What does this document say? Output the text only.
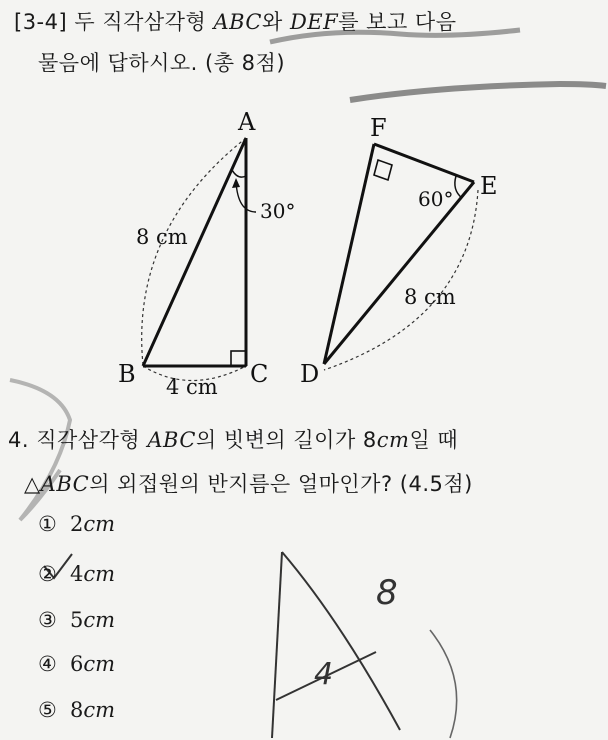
[3-4] 두 직각삼각형 ABC와 DEF를 보고 다음
물음에 답하시오. (총 8점)
A
B	C D
E
F
30°	60°
8 cm
4 cm
8 cm
8
4
4. 직각삼각형 ABC의 빗변의 길이가 8cm일 때
△ABC의 외접원의 반지름은 얼마인가? (4.5점)
① 2cm
② 4cm
③ 5cm
④ 6cm
⑤ 8cm
